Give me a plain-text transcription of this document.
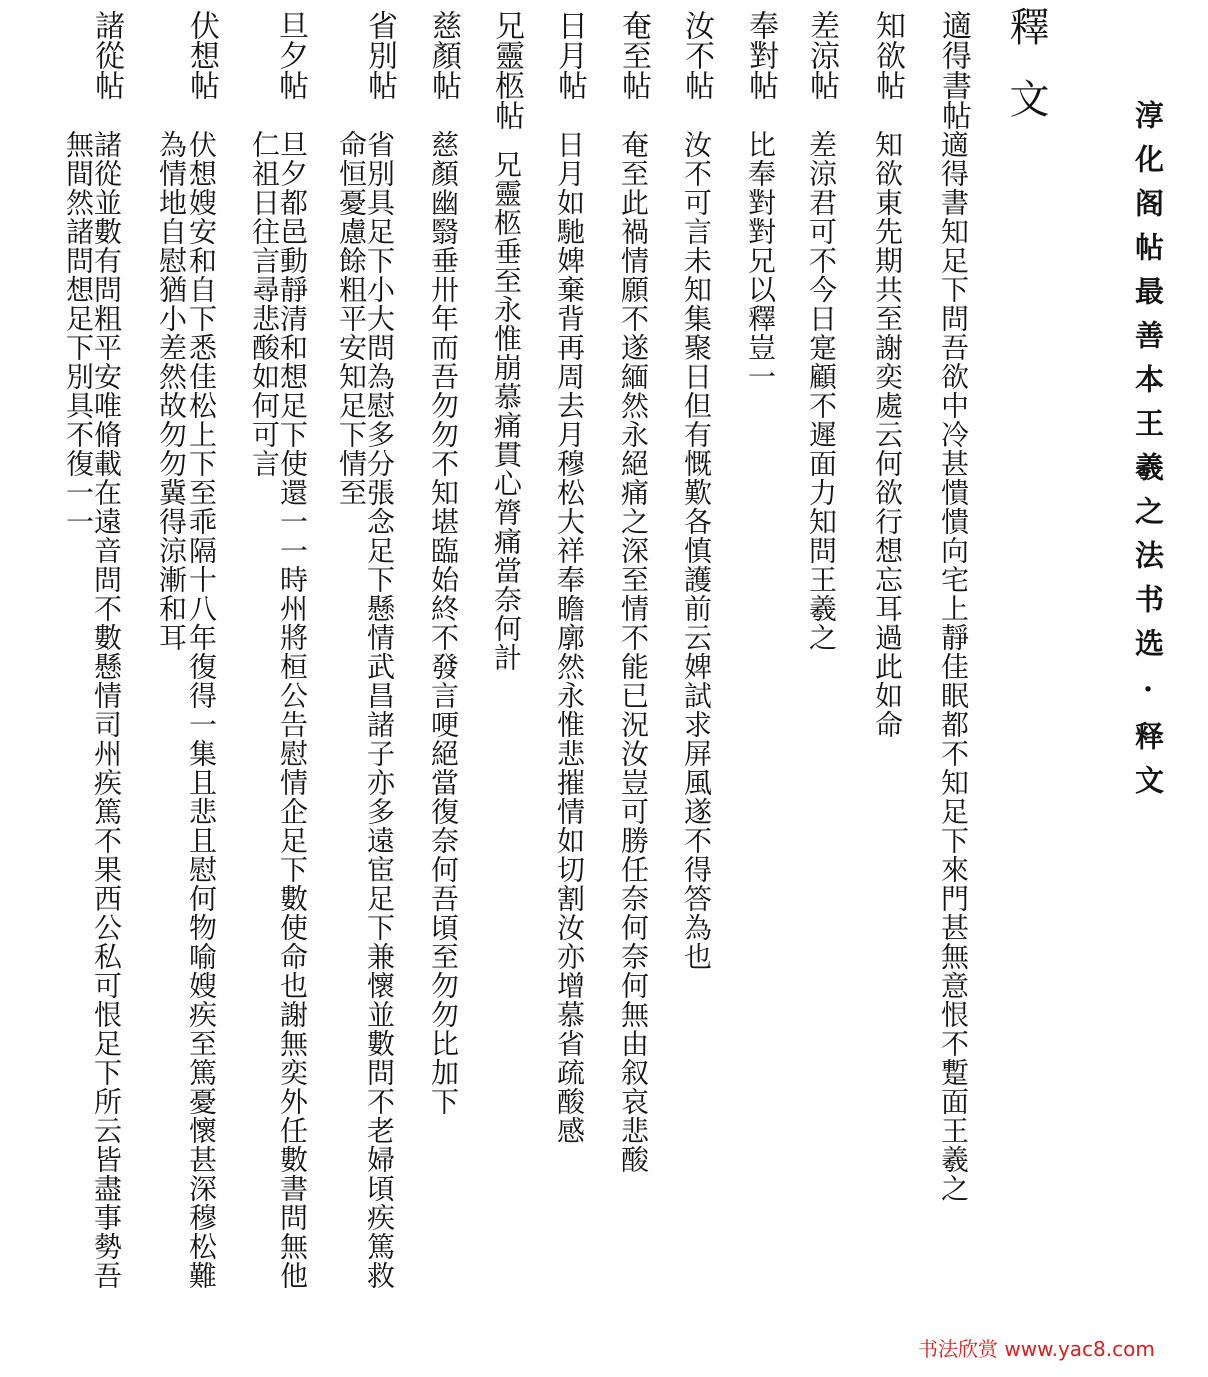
淳化阁帖最善本王羲之法书选·释文

釋文

適得書帖

適得書知足下問吾欲中冷甚憒憒向宅上靜佳眠都不知足下來門甚無意恨不蹔面王羲之

知欲帖

知欲東先期共至謝奕處云何欲行想忘耳過此如命

差涼帖

差涼君可不今日寔顧不遲面力知問王羲之

奉對帖

比奉對對兄以釋豈一

汝不帖

汝不可言未知集聚日但有慨歎各慎護前云婢試求屏風遂不得答為也

奄至帖

奄至此禍情願不遂緬然永絕痛之深至情不能已況汝豈可勝任奈何奈何無由叙哀悲酸

日月帖

日月如馳婢棄背再周去月穆松大祥奉瞻廓然永惟悲摧情如切割汝亦增慕省疏酸感

兄靈柩帖

兄靈柩垂至永惟崩慕痛貫心膂痛當奈何計

慈顏帖

慈顏幽翳垂卅年而吾勿勿不知堪臨始終不發言哽絕當復奈何吾頃至勿勿比加下

省別帖

省別具足下小大問為慰多分張念足下懸情武昌諸子亦多遠宦足下兼懷並數問不老婦頃疾篤救

命恒憂慮餘粗平安知足下情至

旦夕帖

旦夕都邑動靜清和想足下使還一一時州將桓公告慰情企足下數使命也謝無奕外任數書問無他

仁祖日往言尋悲酸如何可言

伏想帖

伏想嫂安和自下悉佳松上下至乖隔十八年復得一集且悲且慰何物喻嫂疾至篤憂懷甚深穆松難

為情地自慰猶小差然故勿勿冀得涼漸和耳

諸從帖

諸從並數有問粗平安唯脩載在遠音問不數懸情司州疾篤不果西公私可恨足下所云皆盡事勢吾

無間然諸問想足下別具不復一一

书法欣赏 www.yac8.com
